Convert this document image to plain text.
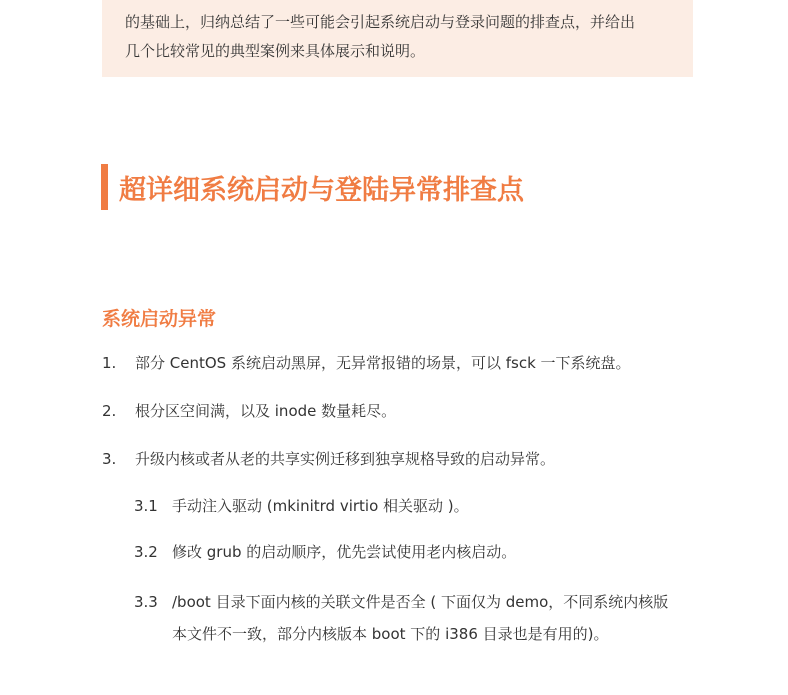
的基础上，归纳总结了一些可能会引起系统启动与登录问题的排查点，并给出
几个比较常见的典型案例来具体展示和说明。
超详细系统启动与登陆异常排查点
系统启动异常
1. 部分 CentOS 系统启动黑屏，无异常报错的场景，可以 fsck 一下系统盘。
2. 根分区空间满，以及 inode 数量耗尽。
3. 升级内核或者从老的共享实例迁移到独享规格导致的启动异常。
3.1 手动注入驱动 (mkinitrd virtio 相关驱动 )。
3.2 修改 grub 的启动顺序，优先尝试使用老内核启动。
3.3 /boot 目录下面内核的关联文件是否全 ( 下面仅为 demo，不同系统内核版
本文件不一致，部分内核版本 boot 下的 i386 目录也是有用的)。
